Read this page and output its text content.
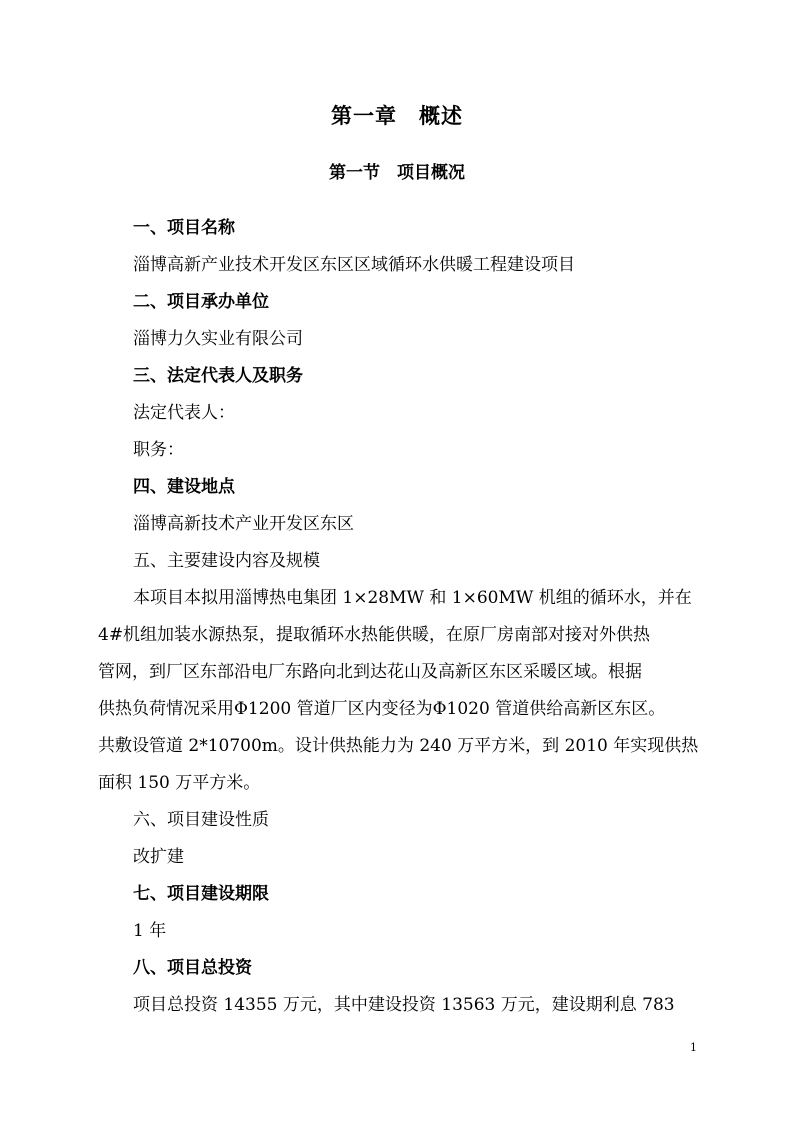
第一章　概述
第一节　项目概况
一、项目名称
淄博高新产业技术开发区东区区域循环水供暖工程建设项目
二、项目承办单位
淄博力久实业有限公司
三、法定代表人及职务
法定代表人：
职务：
四、建设地点
淄博高新技术产业开发区东区
五、主要建设内容及规模
本项目本拟用淄博热电集团 1×28MW 和 1×60MW 机组的循环水，并在
4#机组加装水源热泵，提取循环水热能供暖，在原厂房南部对接对外供热
管网，到厂区东部沿电厂东路向北到达花山及高新区东区采暖区域。根据
供热负荷情况采用Φ1200 管道厂区内变径为Φ1020 管道供给高新区东区。
共敷设管道 2*10700m。设计供热能力为 240 万平方米，到 2010 年实现供热
面积 150 万平方米。
六、项目建设性质
改扩建
七、项目建设期限
1 年
八、项目总投资
项目总投资 14355 万元，其中建设投资 13563 万元，建设期利息 783
1
